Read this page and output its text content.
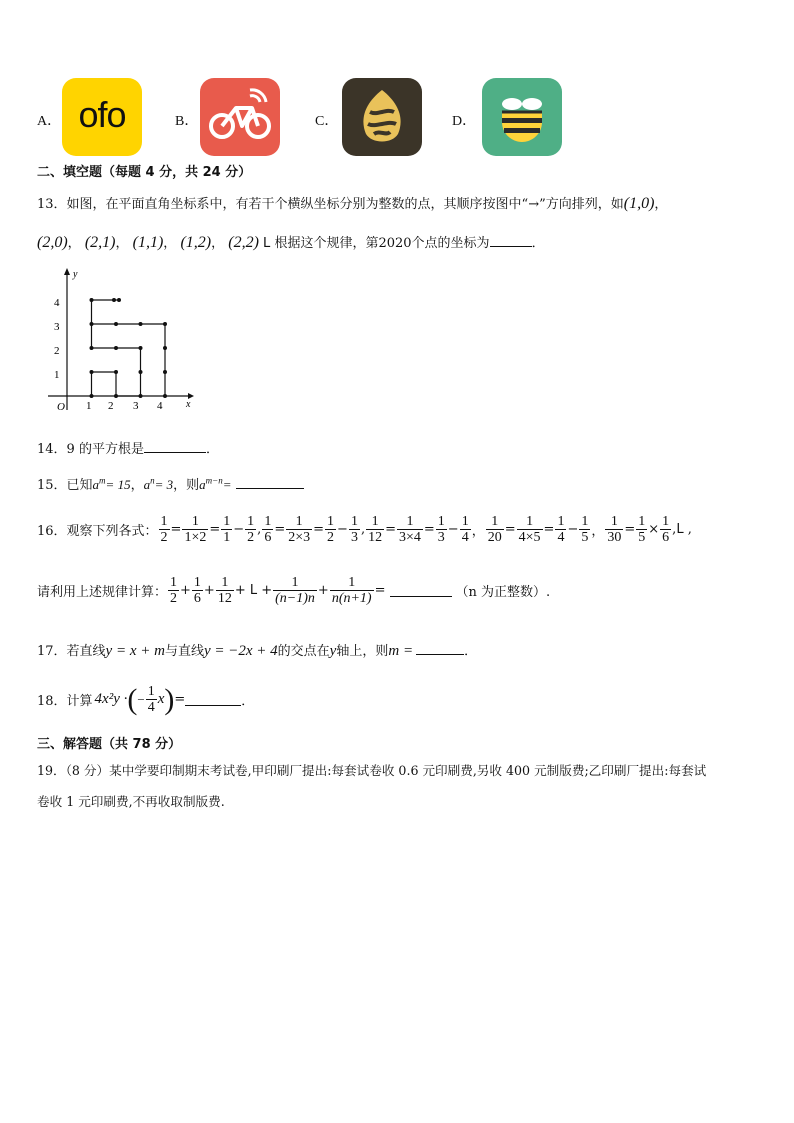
A． ofo	B．	C．	D．
二、填空题（每题 4 分，共 24 分）
13．如图，在平面直角坐标系中，有若干个横纵坐标分别为整数的点，其顺序按图中“→”方向排列，如(1,0)，
(2,0)， (2,1)， (1,1)， (1,2)， (2,2) L 根据这个规律，第2020个点的坐标为	．
x
y
O 1 2 3 4
1
2
3
4
14．9 的平方根是	．
15．已知$a^m= 15$，$a^n= 3$，则$a^{m-n}=$
16．观察下列各式： $\frac{1}{2} = \frac{1}{1\times 2} = \frac{1}{1} - \frac{1}{2}$ , $\frac{1}{6} = \frac{1}{2\times 3} = \frac{1}{2} - \frac{1}{3}$ , $\frac{1}{12} = \frac{1}{3\times 4} = \frac{1}{3} - \frac{1}{4}$ ， $\frac{1}{20} = \frac{1}{4\times 5} = \frac{1}{4} - \frac{1}{5}$ ， $\frac{1}{30} = \frac{1}{5} \times \frac{1}{6}$ , L ,
请利用上述规律计算： $\frac{1}{2} + \frac{1}{6} + \frac{1}{12} + L + \frac{1}{(n-1)n} + \frac{1}{n(n+1)}$ =	（n 为正整数）.
17．若直线y = x + m与直线y = −2x + 4的交点在y轴上，则m =	．
18．计算 4x²y · ( − $\frac{1}{4}$ x ) =	．
三、解答题（共 78 分）
19．（8 分）某中学要印制期末考试卷,甲印刷厂提出:每套试卷收 0.6 元印刷费,另收 400 元制版费;乙印刷厂提出:每套试
卷收 1 元印刷费,不再收取制版费.
